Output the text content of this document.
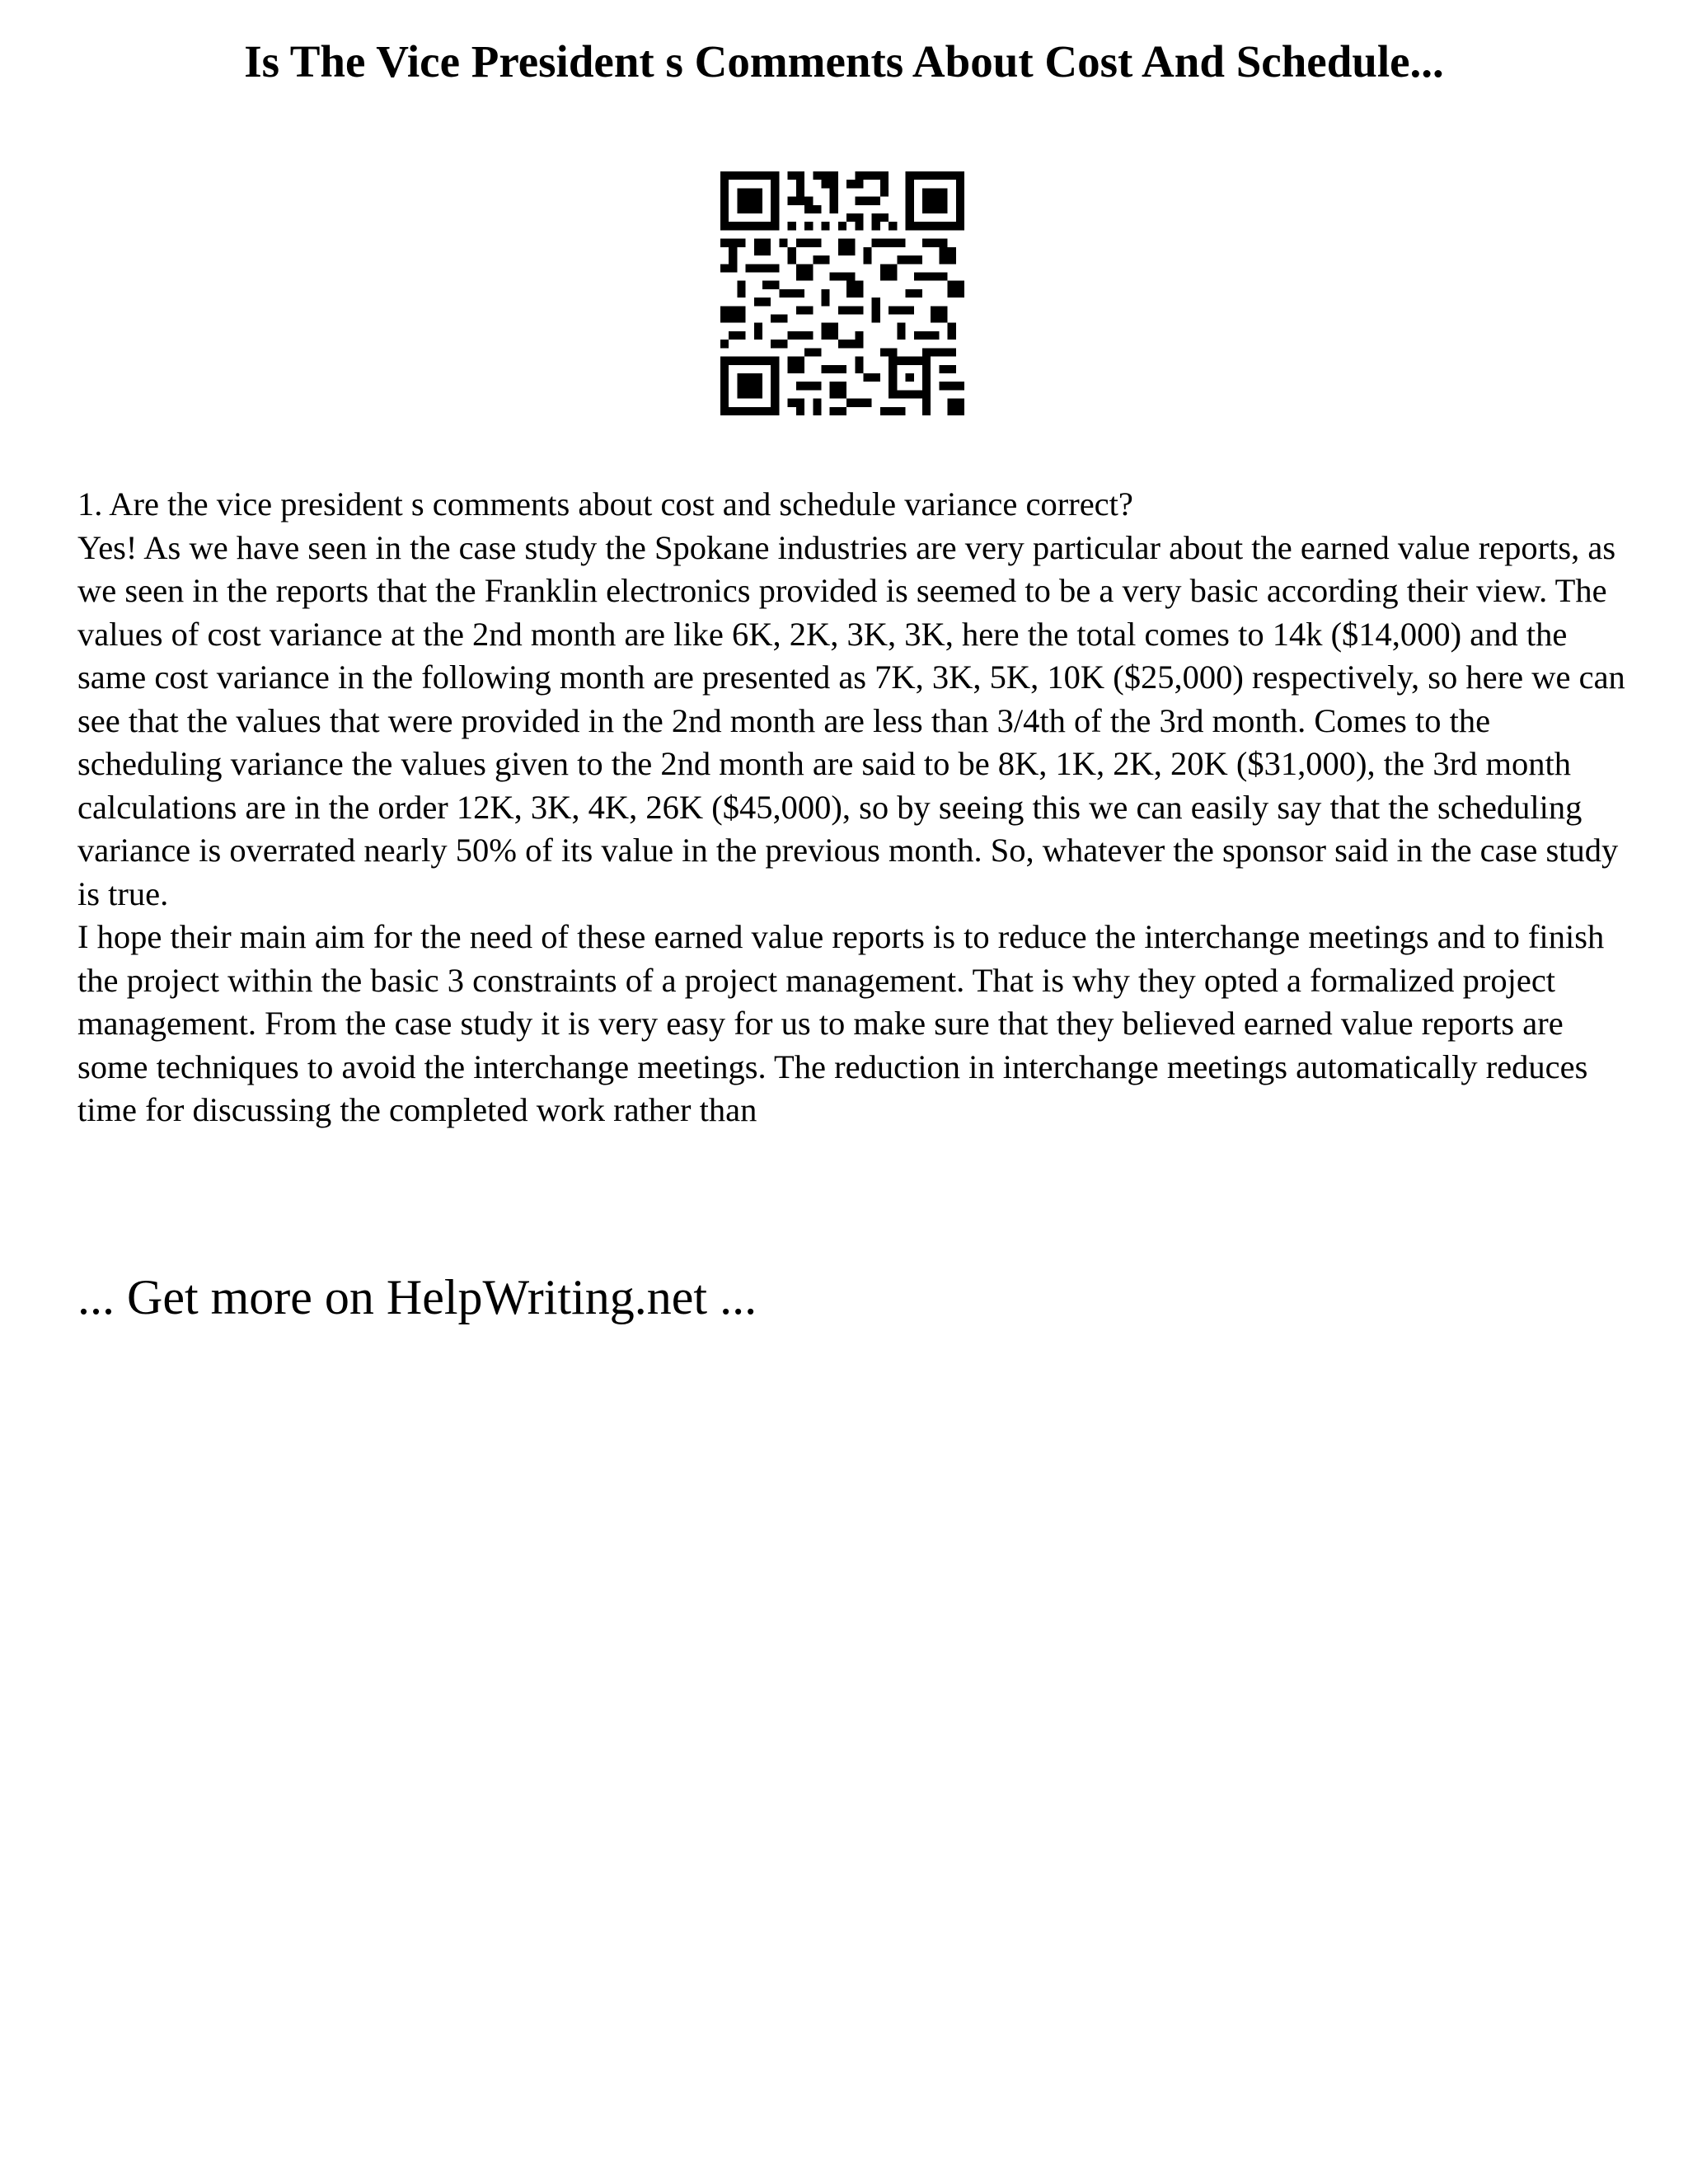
Is The Vice President s Comments About Cost And Schedule...

1. Are the vice president s comments about cost and schedule variance correct?

Yes! As we have seen in the case study the Spokane industries are very particular about the earned value reports, as we seen in the reports that the Franklin electronics provided is seemed to be a very basic according their view. The values of cost variance at the 2nd month are like 6K, 2K, 3K, 3K, here the total comes to 14k ($14,000) and the same cost variance in the following month are presented as 7K, 3K, 5K, 10K ($25,000) respectively, so here we can see that the values that were provided in the 2nd month are less than 3/4th of the 3rd month. Comes to the scheduling variance the values given to the 2nd month are said to be 8K, 1K, 2K, 20K ($31,000), the 3rd month calculations are in the order 12K, 3K, 4K, 26K ($45,000), so by seeing this we can easily say that the scheduling variance is overrated nearly 50% of its value in the previous month. So, whatever the sponsor said in the case study is true.

I hope their main aim for the need of these earned value reports is to reduce the interchange meetings and to finish the project within the basic 3 constraints of a project management. That is why they opted a formalized project management. From the case study it is very easy for us to make sure that they believed earned value reports are some techniques to avoid the interchange meetings. The reduction in interchange meetings automatically reduces time for discussing the completed work rather than

... Get more on HelpWriting.net ...
